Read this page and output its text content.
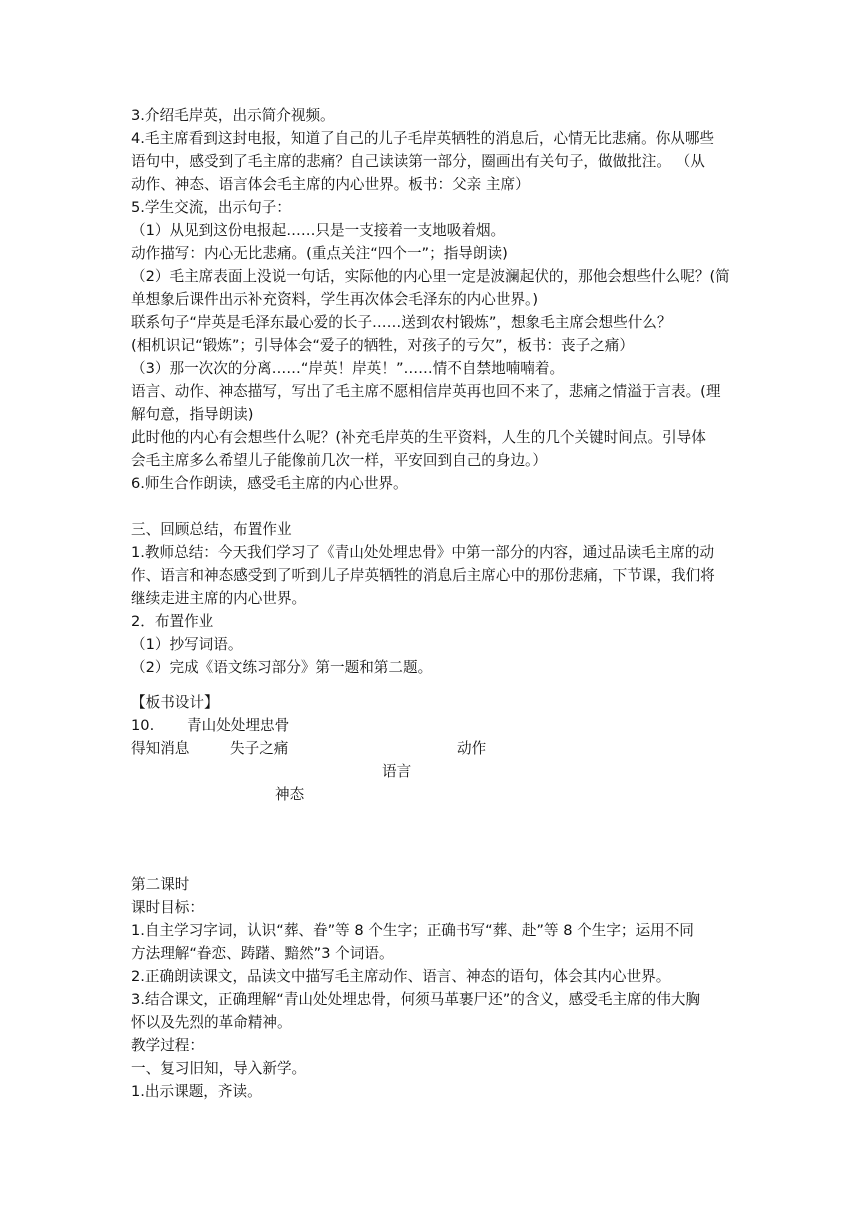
3.介绍毛岸英，出示简介视频。
4.毛主席看到这封电报，知道了自己的儿子毛岸英牺牲的消息后，心情无比悲痛。你从哪些
语句中，感受到了毛主席的悲痛？自己读读第一部分，圈画出有关句子，做做批注。 （从
动作、神态、语言体会毛主席的内心世界。板书：父亲 主席）
5.学生交流，出示句子：
（1）从见到这份电报起……只是一支接着一支地吸着烟。
动作描写：内心无比悲痛。(重点关注“四个一”；指导朗读)
（2）毛主席表面上没说一句话，实际他的内心里一定是波澜起伏的，那他会想些什么呢？(简
单想象后课件出示补充资料，学生再次体会毛泽东的内心世界。)
联系句子“岸英是毛泽东最心爱的长子……送到农村锻炼”，想象毛主席会想些什么？
(相机识记“锻炼”；引导体会“爱子的牺牲，对孩子的亏欠”，板书：丧子之痛）
（3）那一次次的分离……“岸英！岸英！”……情不自禁地喃喃着。
语言、动作、神态描写，写出了毛主席不愿相信岸英再也回不来了，悲痛之情溢于言表。(理
解句意，指导朗读)
此时他的内心有会想些什么呢？(补充毛岸英的生平资料，人生的几个关键时间点。引导体
会毛主席多么希望儿子能像前几次一样，平安回到自己的身边。）
6.师生合作朗读，感受毛主席的内心世界。
三、回顾总结，布置作业
1.教师总结：今天我们学习了《青山处处埋忠骨》中第一部分的内容，通过品读毛主席的动
作、语言和神态感受到了听到儿子岸英牺牲的消息后主席心中的那份悲痛，下节课，我们将
继续走进主席的内心世界。
2．布置作业
（1）抄写词语。
（2）完成《语文练习部分》第一题和第二题。
【板书设计】
10. 青山处处埋忠骨
得知消息	失子之痛	动作
语言
神态
第二课时
课时目标：
1.自主学习字词，认识“葬、眷”等 8 个生字；正确书写“葬、赴”等 8 个生字；运用不同
方法理解“眷恋、踌躇、黯然”3 个词语。
2.正确朗读课文，品读文中描写毛主席动作、语言、神态的语句，体会其内心世界。
3.结合课文，正确理解“青山处处埋忠骨，何须马革裹尸还”的含义，感受毛主席的伟大胸
怀以及先烈的革命精神。
教学过程：
一、复习旧知，导入新学。
1.出示课题，齐读。
